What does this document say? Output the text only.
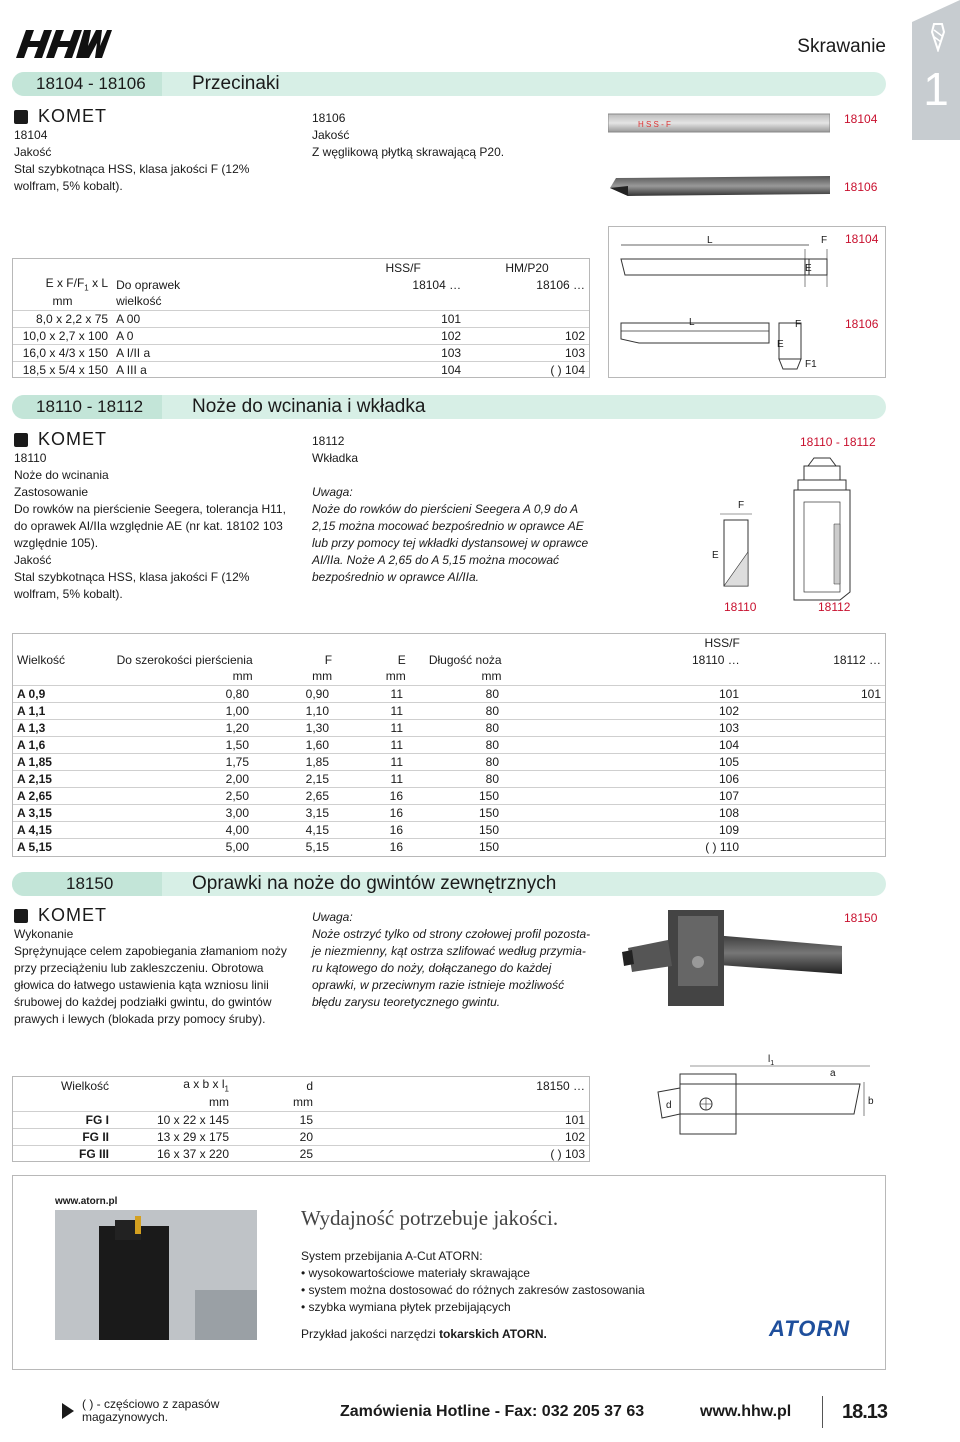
Skrawanie
1
18104 - 18106 Przecinaki
KOMET
18104
Jakość
Stal szybkotnąca HSS, klasa jakości F (12%
wolfram, 5% kobalt).
18106
Jakość
Z węglikową płytką skrawającą P20.
H S S - F	18104
18106
18104
18106
L	F
E
L	F
E
F1
			HSS/F	HM/P20
E x $F/F_1$ x L	Do oprawek		18104 …	18106 …
mm	wielkość			
8,0 x 2,2 x 75	A 00		101	
10,0 x 2,7 x 100	A 0		102	102
16,0 x 4/3 x 150	A I/II a		103	103
18,5 x 5/4 x 150	A III a		104	( ) 104
18110 - 18112	Noże do wcinania i wkładka
KOMET
18110
Noże do wcinania
Zastosowanie
Do rowków na pierścienie Seegera, tolerancja H11,
do oprawek AI/IIa względnie AE (nr kat. 18102 103
względnie 105).
Jakość
Stal szybkotnąca HSS, klasa jakości F (12%
wolfram, 5% kobalt).
18112
Wkładka
Uwaga:
Noże do rowków do pierścieni Seegera A 0,9 do A
2,15 można mocować bezpośrednio w oprawce AE
lub przy pomocy tej wkładki dystansowej w oprawce
AI/IIa. Noże A 2,65 do A 5,15 można mocować
bezpośrednio w oprawce AI/IIa.
18110 - 18112
F
E
18110	18112
					HSS/F	
Wielkość	Do szerokości pierścienia	F	E	Długość noża	18110 …	18112 …
	mm	mm	mm	mm		
A 0,9	0,80	0,90	11	80	101	101
A 1,1	1,00	1,10	11	80	102	
A 1,3	1,20	1,30	11	80	103	
A 1,6	1,50	1,60	11	80	104	
A 1,85	1,75	1,85	11	80	105	
A 2,15	2,00	2,15	11	80	106	
A 2,65	2,50	2,65	16	150	107	
A 3,15	3,00	3,15	16	150	108	
A 4,15	4,00	4,15	16	150	109	
A 5,15	5,00	5,15	16	150	( ) 110	
18150	Oprawki na noże do gwintów zewnętrznych
KOMET
Wykonanie
Sprężynujące celem zapobiegania złamaniom noży
przy przeciążeniu lub zakleszczeniu. Obrotowa
głowica do łatwego ustawienia kąta wzniosu linii
śrubowej do każdej podziałki gwintu, do gwintów
prawych i lewych (blokada przy pomocy śruby).
Uwaga:
Noże ostrzyć tylko od strony czołowej profil pozosta-
je niezmienny, kąt ostrza szlifować według przymia-
ru kątowego do noży, dołączanego do każdej
oprawki, w przeciwnym razie istnieje możliwość
błędu zarysu teoretycznego gwintu.
18150
$l_1$
a
b
d
Wielkość	a x b x $l_1$	d	18150 …
	mm	mm	
FG I	10 x 22 x 145	15	101
FG II	13 x 29 x 175	20	102
FG III	16 x 37 x 220	25	( ) 103
www.atorn.pl
Wydajność potrzebuje jakości.
System przebijania A-Cut ATORN:
• wysokowartościowe materiały skrawające
• system można dostosować do różnych zakresów zastosowania
• szybka wymiana płytek przebijających
Przykład jakości narzędzi tokarskich ATORN.	ATORN
( ) - częściowo z zapasów
magazynowych.	Zamówienia Hotline - Fax: 032 205 37 63	www.hhw.pl	18.13
